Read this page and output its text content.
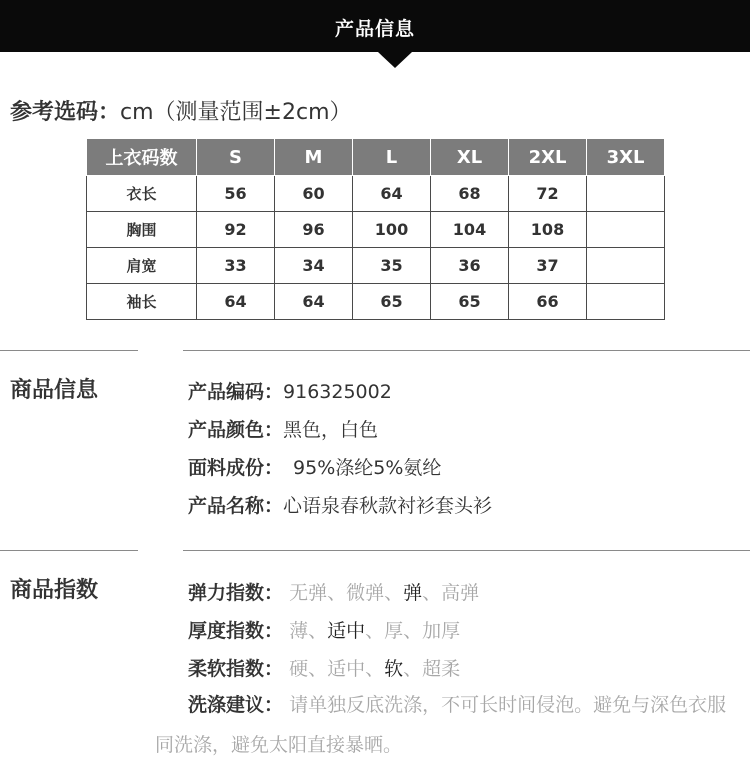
产品信息
参考选码：cm（测量范围±2cm）
上衣码数	S	M	L	XL	2XL	3XL
衣长	56	60	64	68	72	
胸围	92	96	100	104	108	
肩宽	33	34	35	36	37	
袖长	64	64	65	65	66	
商品信息	产品编码：916325002
产品颜色：黑色，白色
面料成份： 95%涤纶5%氨纶
产品名称：心语泉春秋款衬衫套头衫
商品指数	弹力指数： 无弹、微弹、弹、高弹
厚度指数： 薄、适中、厚、加厚
柔软指数： 硬、适中、软、超柔
洗涤建议： 请单独反底洗涤，不可长时间侵泡。避免与深色衣服
同洗涤，避免太阳直接暴晒。
